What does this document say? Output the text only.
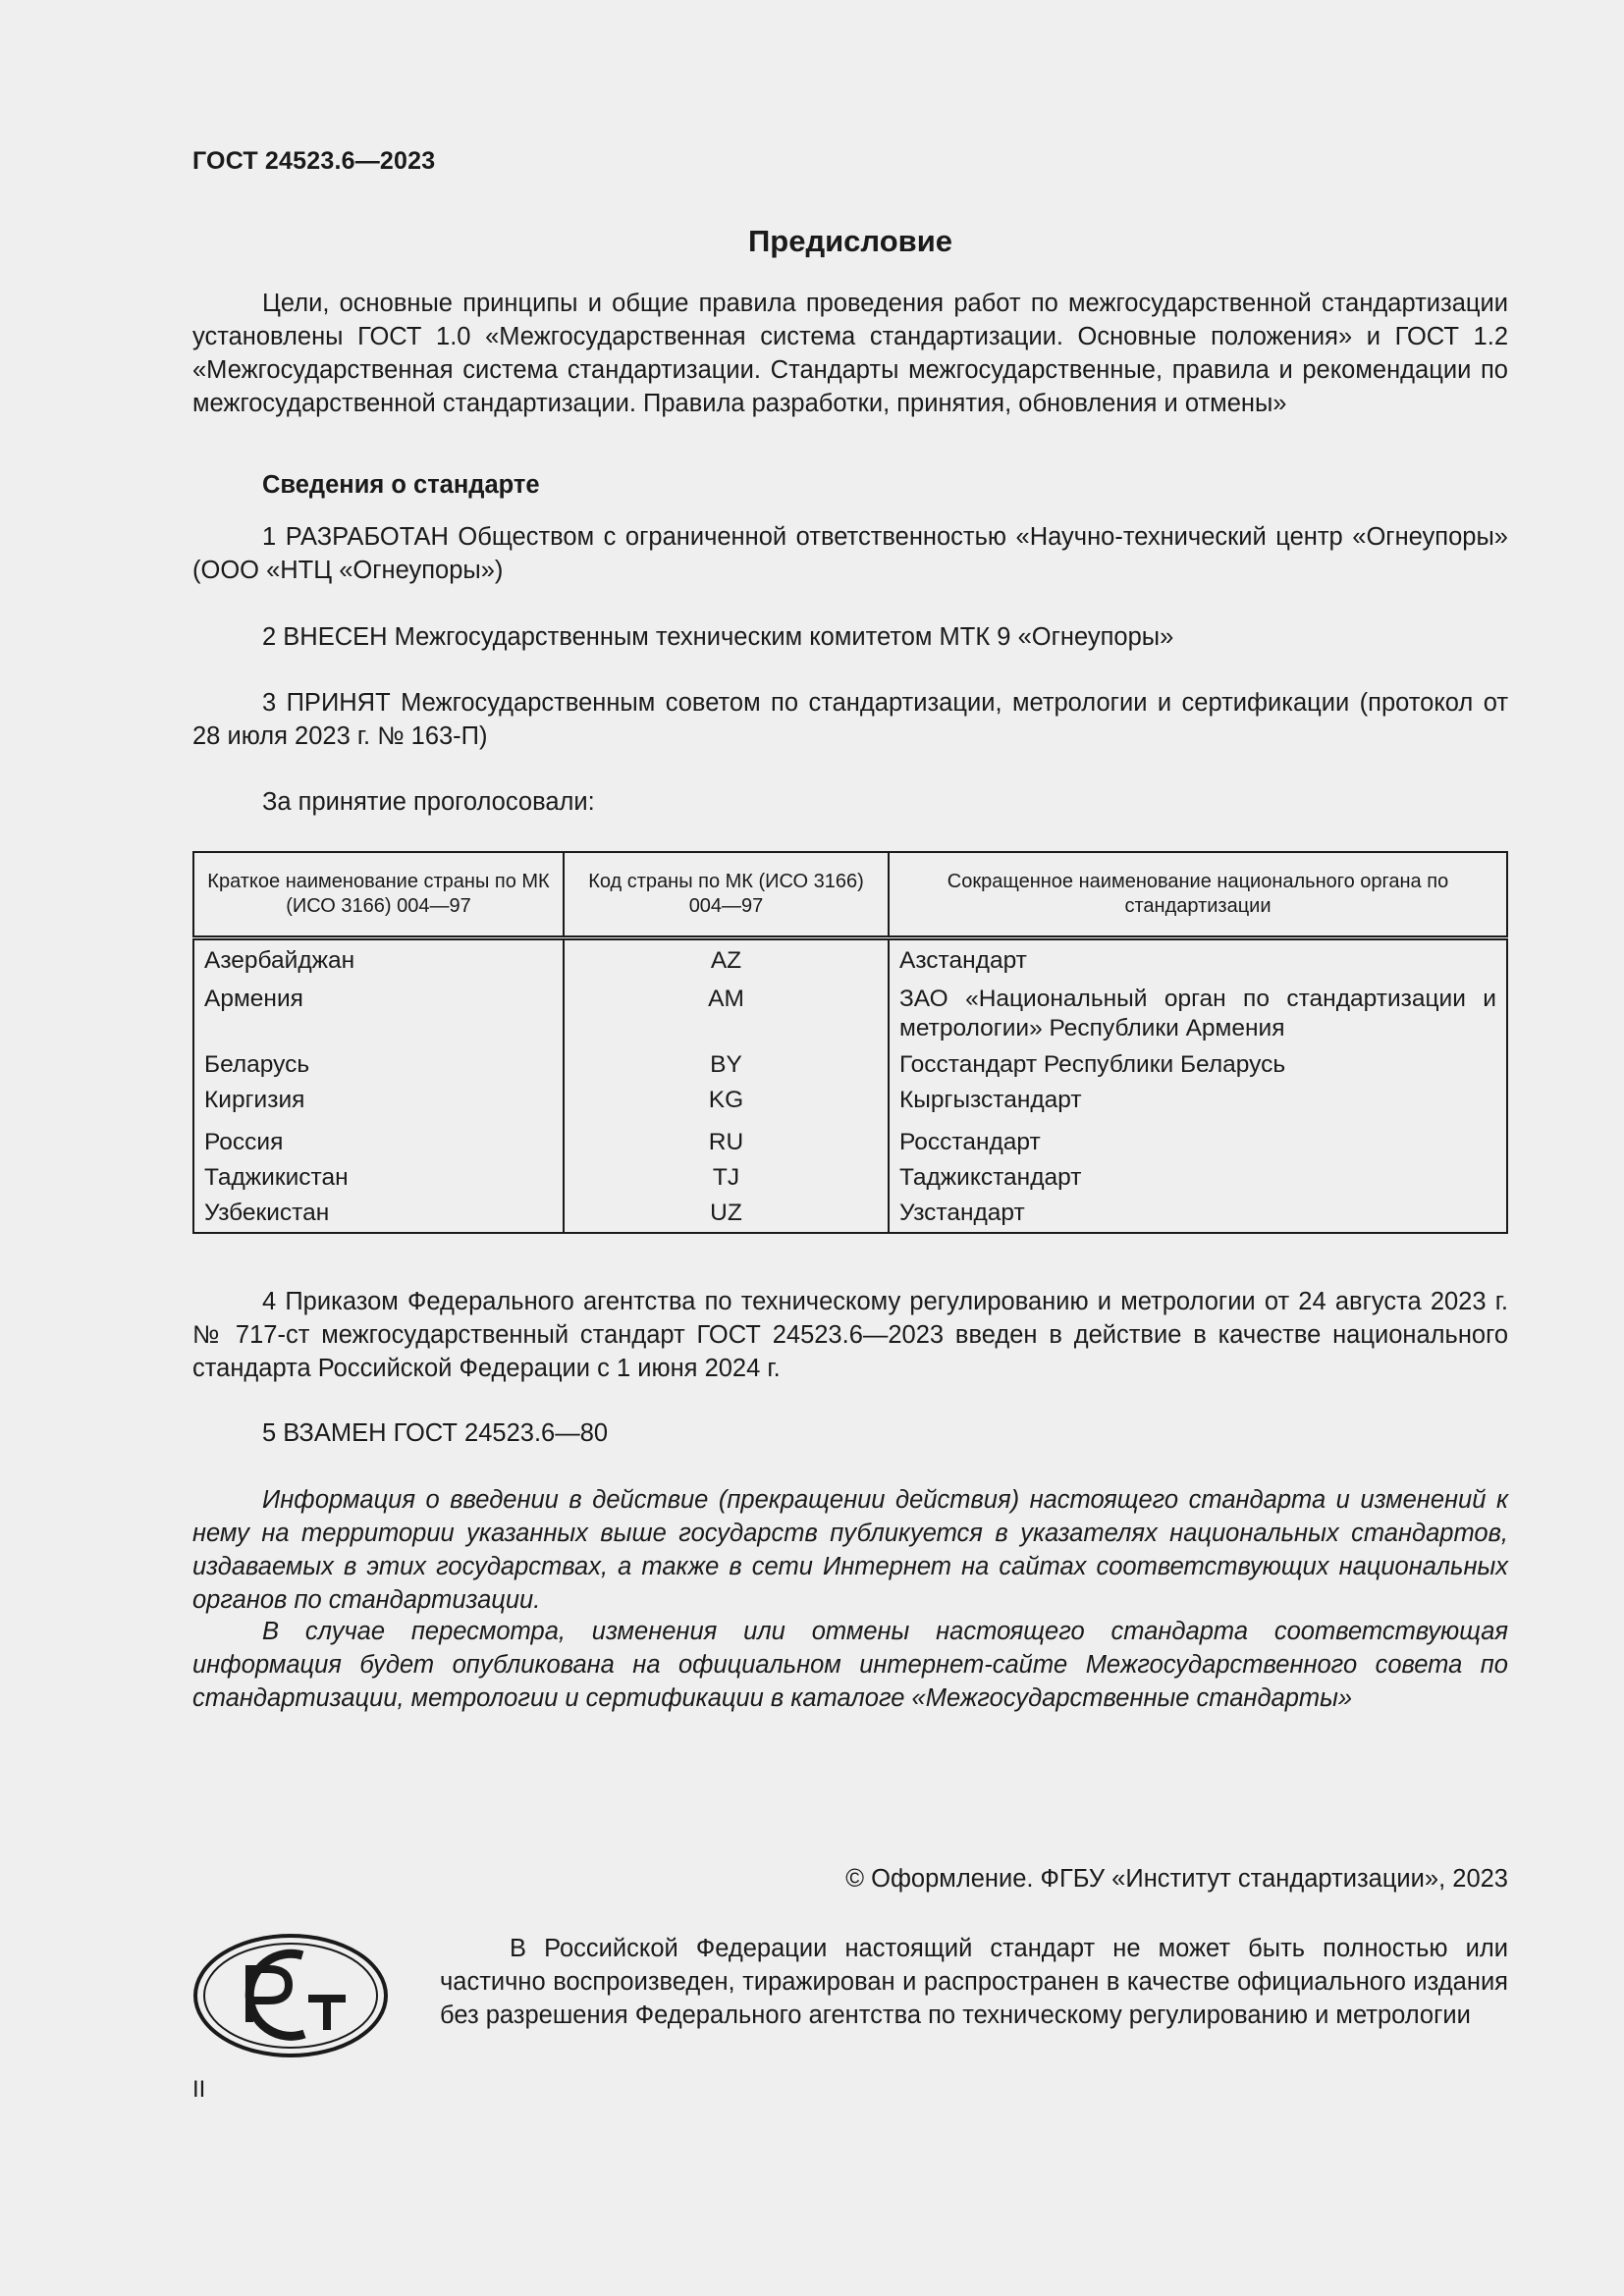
ГОСТ 24523.6—2023
Предисловие

Цели, основные принципы и общие правила проведения работ по межгосударственной стандартизации установлены ГОСТ 1.0 «Межгосударственная система стандартизации. Основные положения» и ГОСТ 1.2 «Межгосударственная система стандартизации. Стандарты межгосударственные, правила и рекомендации по межгосударственной стандартизации. Правила разработки, принятия, обновления и отмены»

Сведения о стандарте

1 РАЗРАБОТАН Обществом с ограниченной ответственностью «Научно-технический центр «Огнеупоры» (ООО «НТЦ «Огнеупоры»)

2 ВНЕСЕН Межгосударственным техническим комитетом МТК 9 «Огнеупоры»

3 ПРИНЯТ Межгосударственным советом по стандартизации, метрологии и сертификации (протокол от 28 июля 2023 г. № 163-П)

За принятие проголосовали:

Краткое наименование страны по МК (ИСО 3166) 004—97	Код страны по МК (ИСО 3166) 004—97	Сокращенное наименование национального органа по стандартизации
Азербайджан	AZ	Азстандарт
Армения	AM	ЗАО «Национальный орган по стандартизации и метрологии» Республики Армения
Беларусь	BY	Госстандарт Республики Беларусь
Киргизия	KG	Кыргызстандарт
Россия	RU	Росстандарт
Таджикистан	TJ	Таджикстандарт
Узбекистан	UZ	Узстандарт

4 Приказом Федерального агентства по техническому регулированию и метрологии от 24 августа 2023 г. № 717-ст межгосударственный стандарт ГОСТ 24523.6—2023 введен в действие в качестве национального стандарта Российской Федерации с 1 июня 2024 г.

5 ВЗАМЕН ГОСТ 24523.6—80

Информация о введении в действие (прекращении действия) настоящего стандарта и изменений к нему на территории указанных выше государств публикуется в указателях национальных стандартов, издаваемых в этих государствах, а также в сети Интернет на сайтах соответствующих национальных органов по стандартизации.

В случае пересмотра, изменения или отмены настоящего стандарта соответствующая информация будет опубликована на официальном интернет-сайте Межгосударственного совета по стандартизации, метрологии и сертификации в каталоге «Межгосударственные стандарты»

© Оформление. ФГБУ «Институт стандартизации», 2023

В Российской Федерации настоящий стандарт не может быть полностью или частично воспроизведен, тиражирован и распространен в качестве официального издания без разрешения Федерального агентства по техническому регулированию и метрологии

II
